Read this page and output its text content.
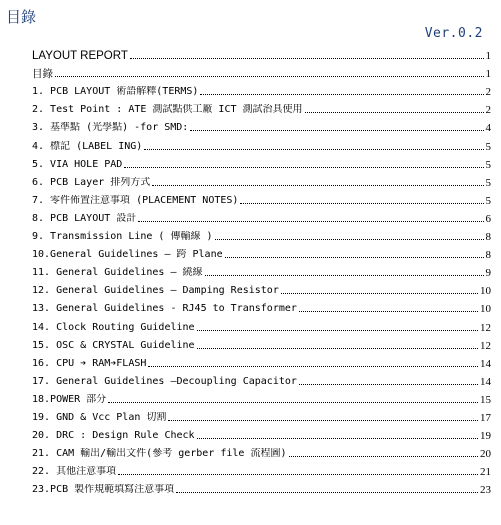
目錄
Ver.0.2
LAYOUT REPORT	1
目錄	1
1. PCB LAYOUT 術語解釋(TERMS)	2
2. Test Point : ATE 測試點供工廠 ICT 測試治具使用	2
3. 基準點 (光學點) -for SMD:	4
4. 標記 (LABEL ING)	5
5. VIA HOLE PAD	5
6. PCB Layer 排列方式	5
7. 零件佈置注意事項 (PLACEMENT NOTES)	5
8. PCB LAYOUT 設計	6
9. Transmission Line ( 傳輸線 )	8
10.General Guidelines – 跨 Plane	8
11. General Guidelines – 繞線	9
12. General Guidelines – Damping Resistor	10
13. General Guidelines - RJ45 to Transformer	10
14. Clock Routing Guideline	12
15. OSC & CRYSTAL Guideline	12
16. CPU ➔ RAM➔FLASH	14
17. General Guidelines –Decoupling Capacitor	14
18.POWER 部分	15
19. GND & Vcc Plan 切割	17
20. DRC : Design Rule Check	19
21. CAM 輸出/輸出文件(參考 gerber file 流程圖)	20
22. 其他注意事項	21
23.PCB 製作規範填寫注意事項	23
